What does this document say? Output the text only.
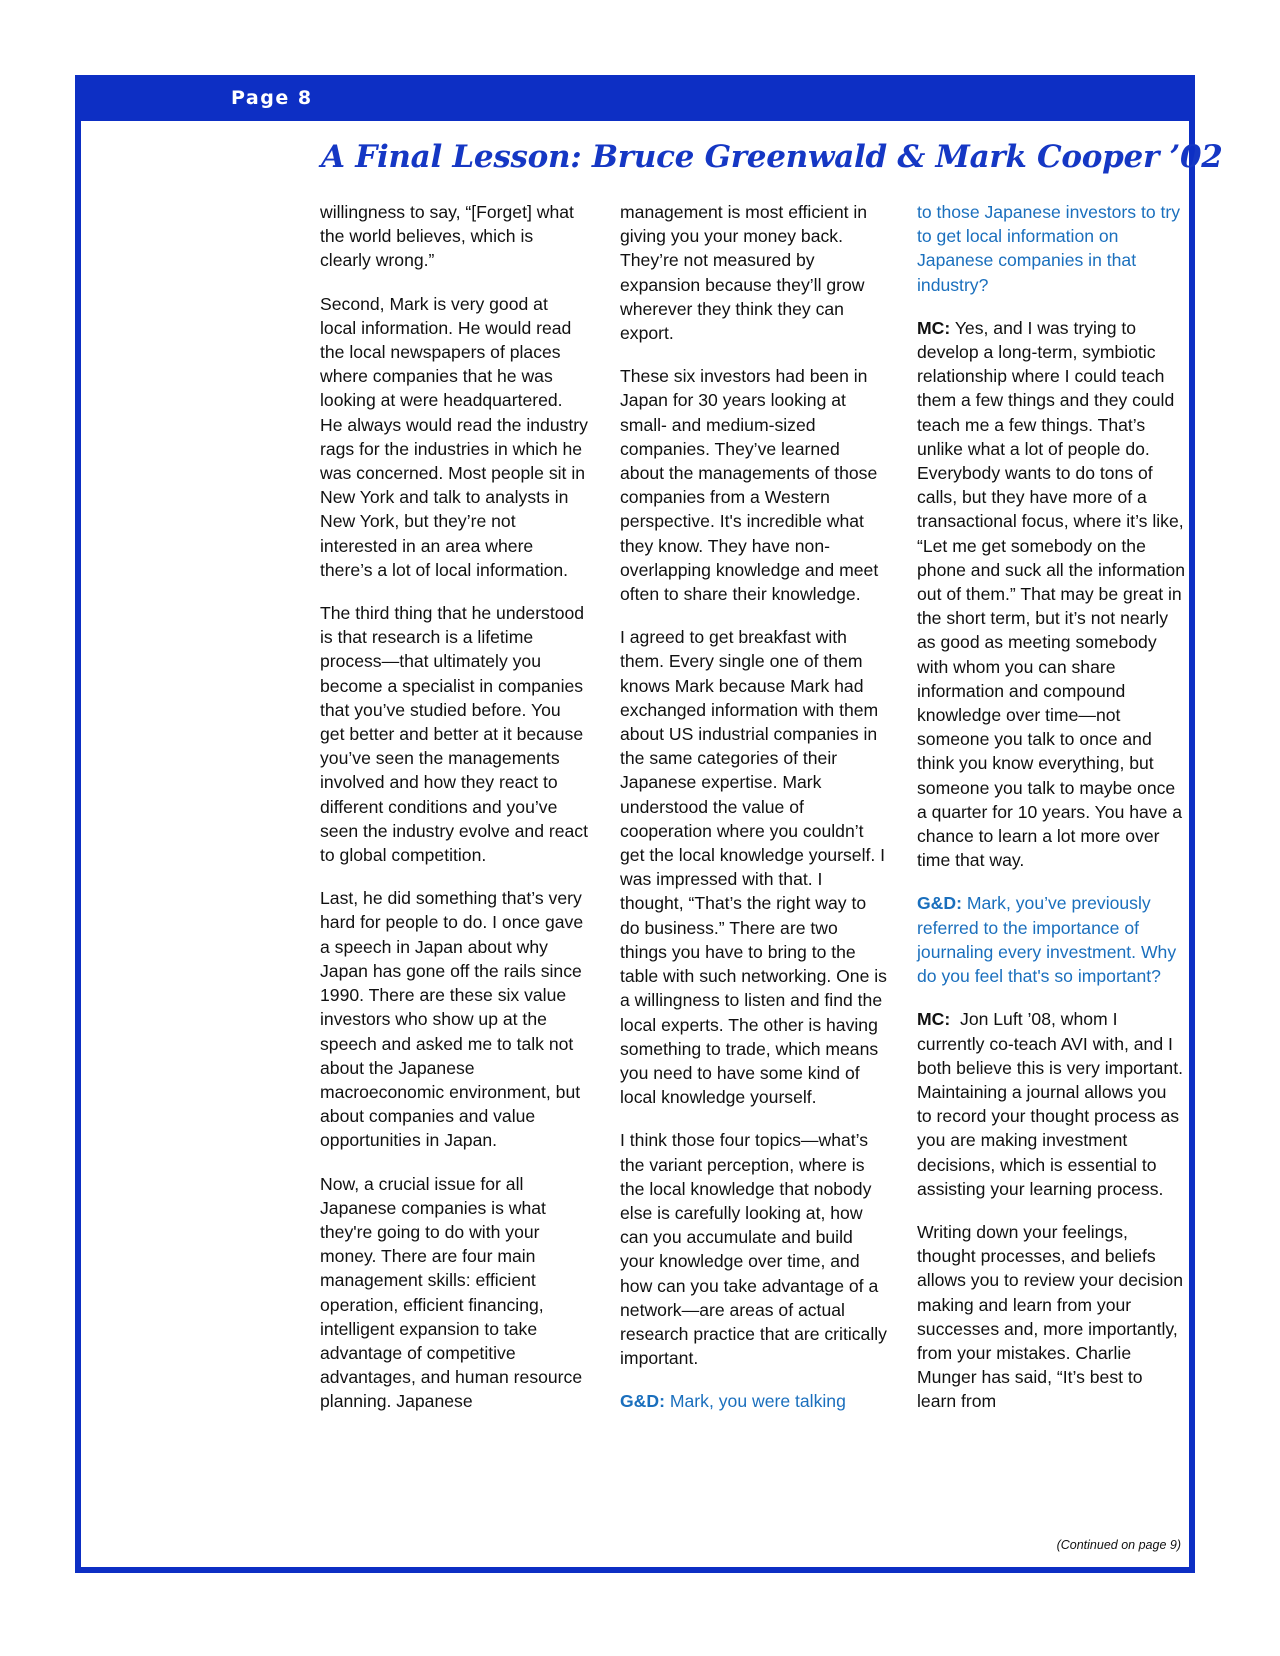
Page 8
A Final Lesson: Bruce Greenwald & Mark Cooper ’02

willingness to say, “[Forget] what the world believes, which is clearly wrong.”

Second, Mark is very good at local information. He would read the local newspapers of places where companies that he was looking at were headquartered. He always would read the industry rags for the industries in which he was concerned. Most people sit in New York and talk to analysts in New York, but they’re not interested in an area where there’s a lot of local information.

The third thing that he understood is that research is a lifetime process—that ultimately you become a specialist in companies that you’ve studied before. You get better and better at it because you’ve seen the managements involved and how they react to different conditions and you’ve seen the industry evolve and react to global competition.

Last, he did something that’s very hard for people to do. I once gave a speech in Japan about why Japan has gone off the rails since 1990. There are these six value investors who show up at the speech and asked me to talk not about the Japanese macroeconomic environment, but about companies and value opportunities in Japan.

Now, a crucial issue for all Japanese companies is what they're going to do with your money. There are four main management skills: efficient operation, efficient financing, intelligent expansion to take advantage of competitive advantages, and human resource planning. Japanese

management is most efficient in giving you your money back. They’re not measured by expansion because they’ll grow wherever they think they can export.

These six investors had been in Japan for 30 years looking at small- and medium-sized companies. They’ve learned about the managements of those companies from a Western perspective. It's incredible what they know. They have non-overlapping knowledge and meet often to share their knowledge.

I agreed to get breakfast with them. Every single one of them knows Mark because Mark had exchanged information with them about US industrial companies in the same categories of their Japanese expertise. Mark understood the value of cooperation where you couldn’t get the local knowledge yourself. I was impressed with that. I thought, “That’s the right way to do business.” There are two things you have to bring to the table with such networking. One is a willingness to listen and find the local experts. The other is having something to trade, which means you need to have some kind of local knowledge yourself.

I think those four topics—what’s the variant perception, where is the local knowledge that nobody else is carefully looking at, how can you accumulate and build your knowledge over time, and how can you take advantage of a network—are areas of actual research practice that are critically important.

G&D: Mark, you were talking

to those Japanese investors to try to get local information on Japanese companies in that industry?

MC: Yes, and I was trying to develop a long-term, symbiotic relationship where I could teach them a few things and they could teach me a few things. That’s unlike what a lot of people do. Everybody wants to do tons of calls, but they have more of a transactional focus, where it’s like, “Let me get somebody on the phone and suck all the information out of them.” That may be great in the short term, but it’s not nearly as good as meeting somebody with whom you can share information and compound knowledge over time—not someone you talk to once and think you know everything, but someone you talk to maybe once a quarter for 10 years. You have a chance to learn a lot more over time that way.

G&D: Mark, you’ve previously referred to the importance of journaling every investment. Why do you feel that's so important?

MC: Jon Luft ’08, whom I currently co-teach AVI with, and I both believe this is very important. Maintaining a journal allows you to record your thought process as you are making investment decisions, which is essential to assisting your learning process.

Writing down your feelings, thought processes, and beliefs allows you to review your decision making and learn from your successes and, more importantly, from your mistakes. Charlie Munger has said, “It’s best to learn from

(Continued on page 9)
